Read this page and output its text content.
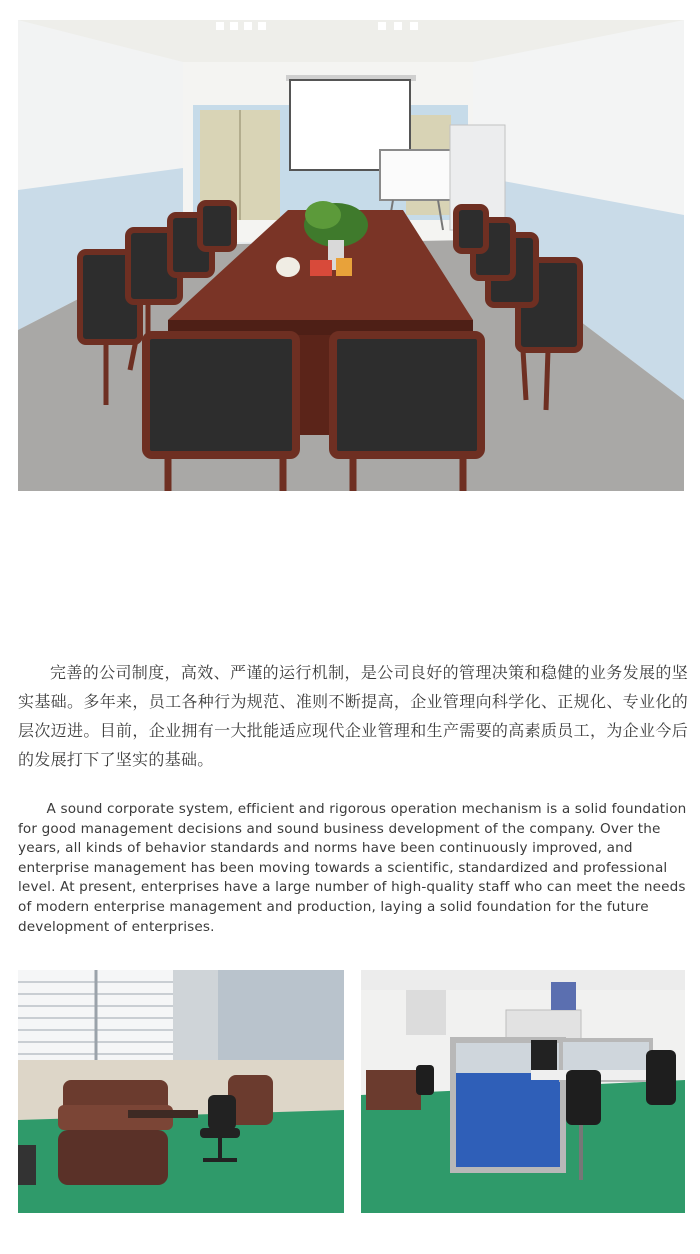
完善的公司制度，高效、严谨的运行机制，是公司良好的管理决策和稳健的业务发展的坚实基础。多年来，员工各种行为规范、准则不断提高，企业管理向科学化、正规化、专业化的层次迈进。目前，企业拥有一大批能适应现代企业管理和生产需要的高素质员工，为企业今后的发展打下了坚实的基础。

A sound corporate system, efficient and rigorous operation mechanism is a solid foundation for good management decisions and sound business development of the company. Over the years, all kinds of behavior standards and norms have been continuously improved, and enterprise management has been moving towards a scientific, standardized and professional level. At present, enterprises have a large number of high-quality staff who can meet the needs of modern enterprise management and production, laying a solid foundation for the future development of enterprises.
